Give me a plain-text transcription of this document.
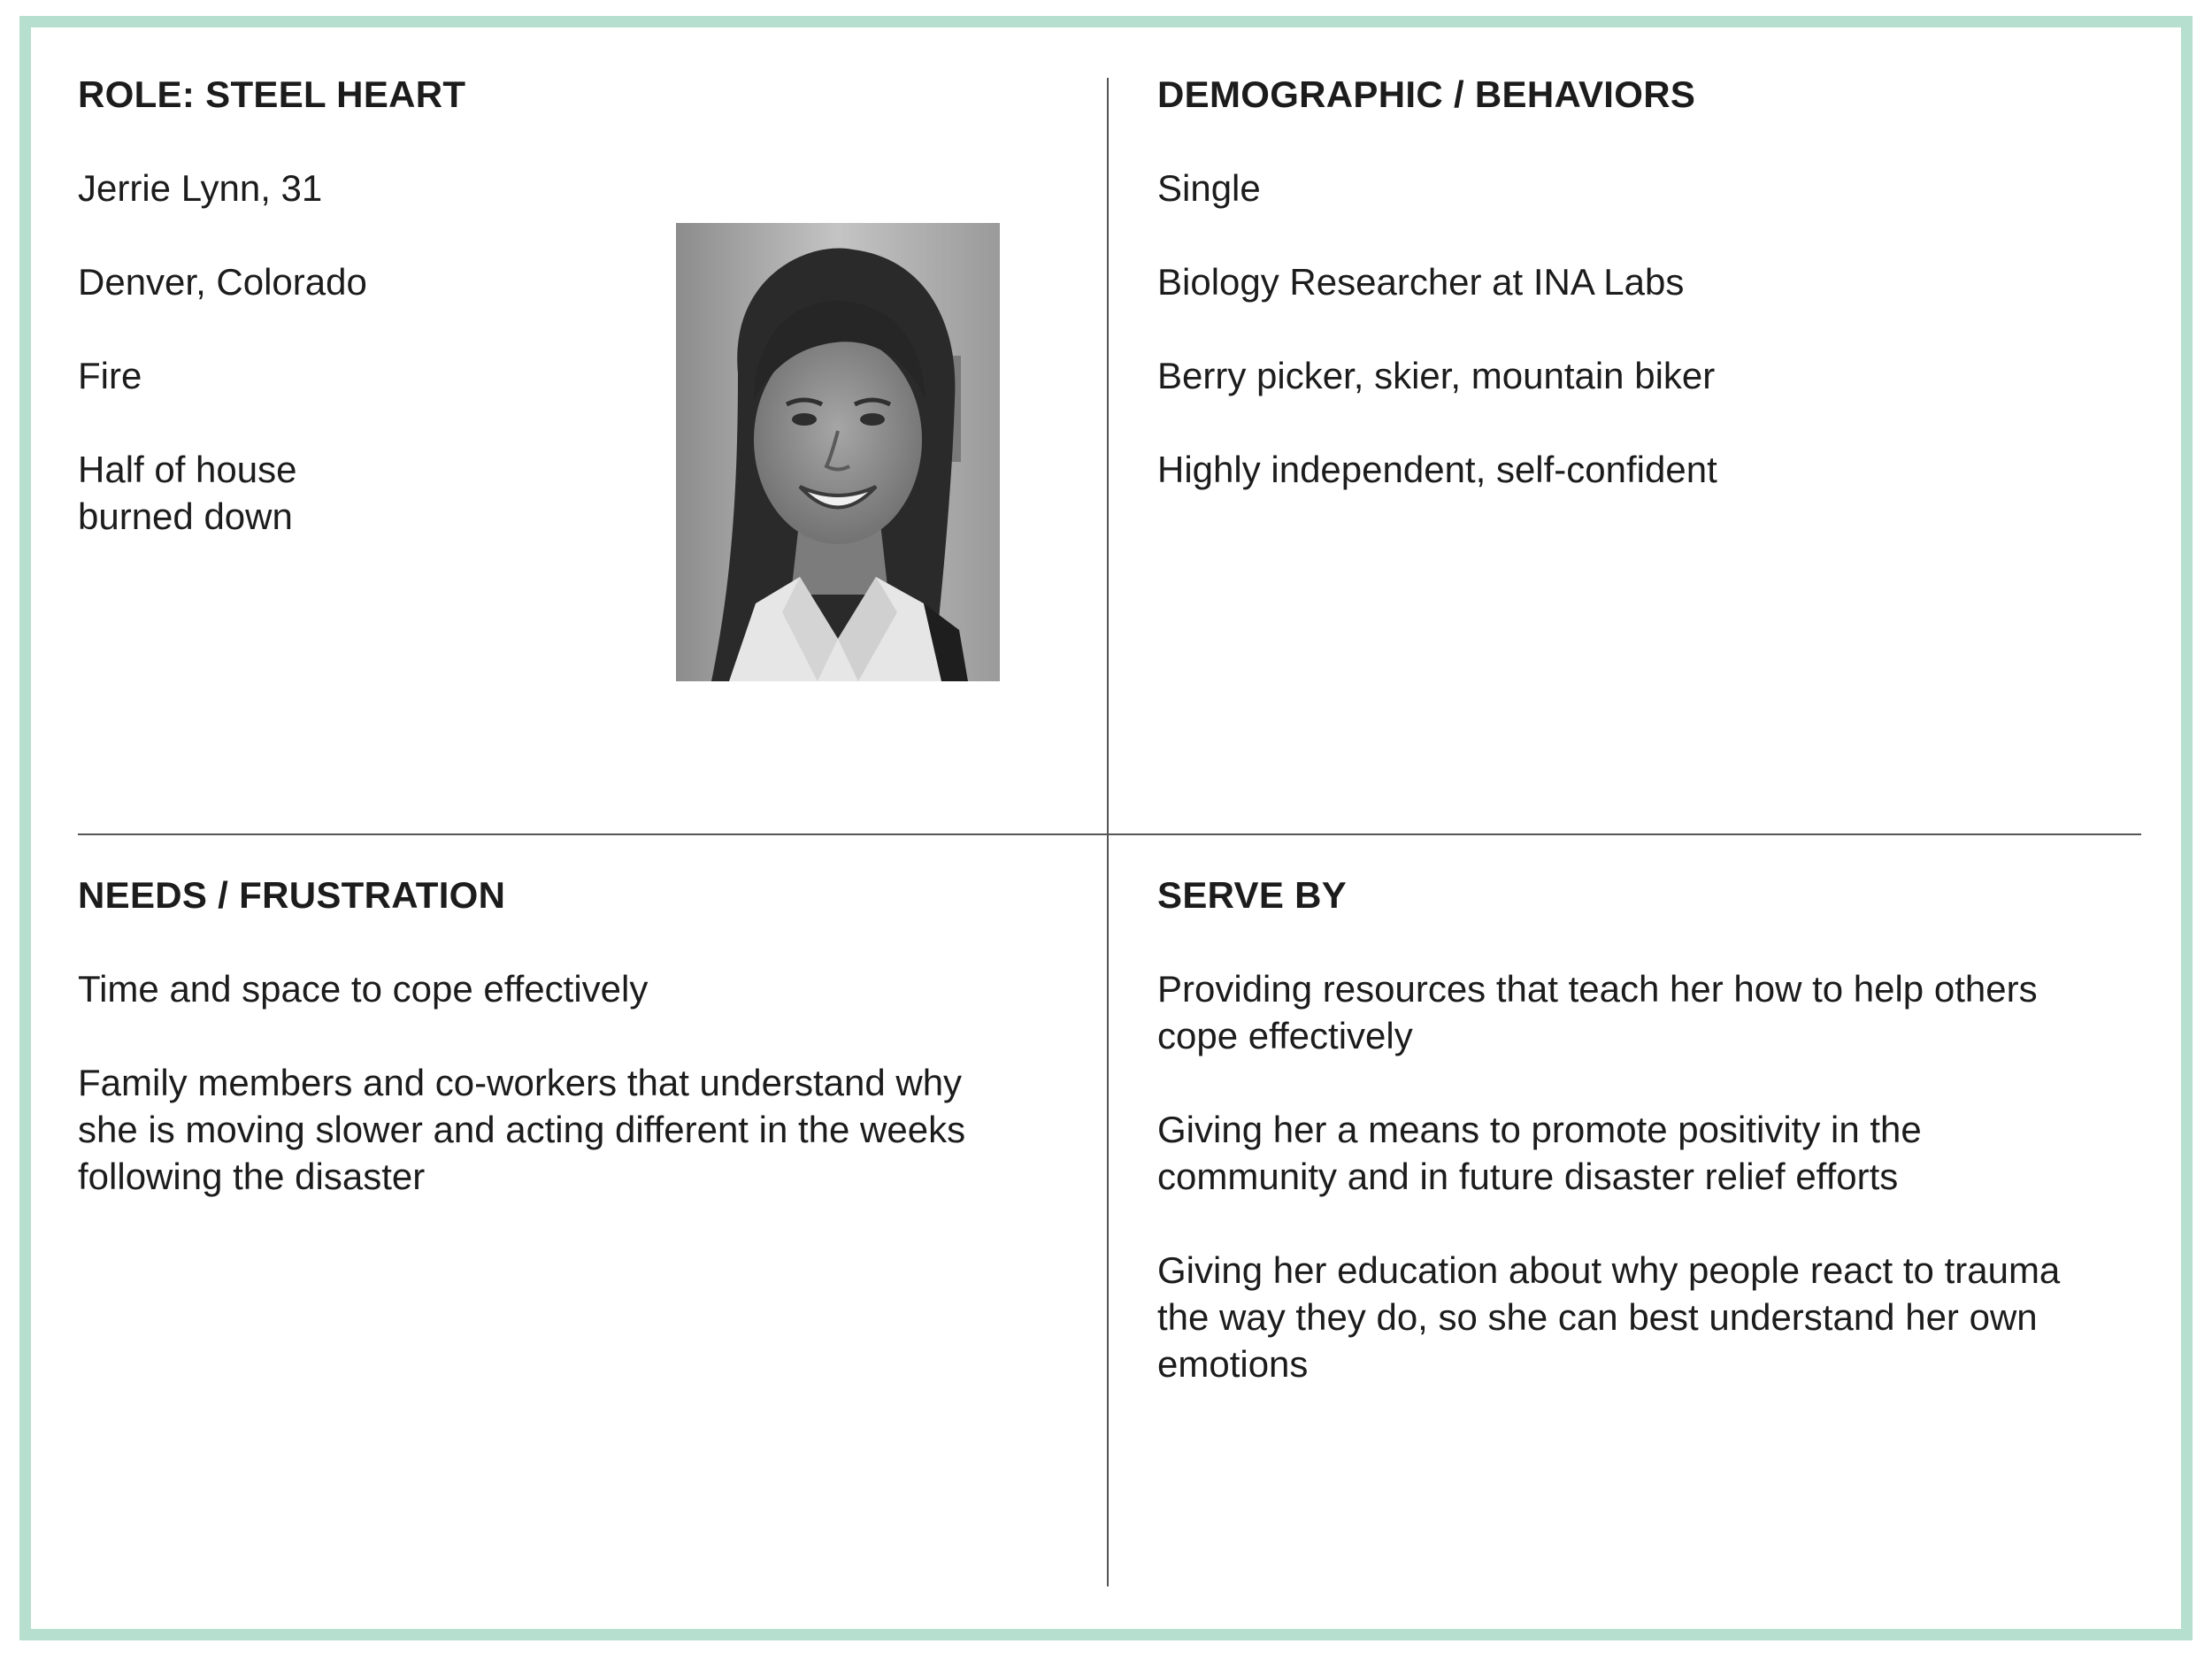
ROLE: STEEL HEART
Jerrie Lynn, 31
Denver, Colorado
Fire
Half of house
burned down
DEMOGRAPHIC / BEHAVIORS
Single
Biology Researcher at INA Labs
Berry picker, skier, mountain biker
Highly independent, self-confident
NEEDS / FRUSTRATION
Time and space to cope effectively
Family members and co-workers that understand why
she is moving slower and acting different in the weeks
following the disaster
SERVE BY
Providing resources that teach her how to help others
cope effectively
Giving her a means to promote positivity in the
community and in future disaster relief efforts
Giving her education about why people react to trauma
the way they do, so she can best understand her own
emotions
